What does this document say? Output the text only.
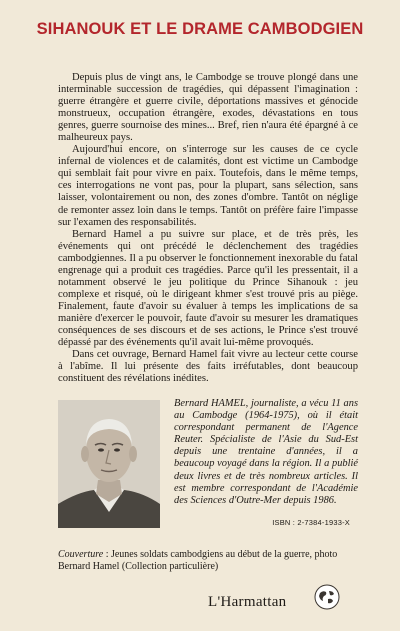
SIHANOUK ET LE DRAME CAMBODGIEN

Depuis plus de vingt ans, le Cambodge se trouve plongé dans une interminable succession de tragédies, qui dépassent l'imagination : guerre étrangère et guerre civile, déportations massives et génocide monstrueux, occupation étrangère, exodes, dévastations en tous genres, guerre sournoise des mines... Bref, rien n'aura été épargné à ce malheureux pays.

Aujourd'hui encore, on s'interroge sur les causes de ce cycle infernal de violences et de calamités, dont est victime un Cambodge qui semblait fait pour vivre en paix. Toutefois, dans le même temps, ces interrogations ne vont pas, pour la plupart, sans sélection, sans laisser, volontairement ou non, des zones d'ombre. Tantôt on néglige de remonter assez loin dans le temps. Tantôt on préfère faire l'impasse sur l'examen des responsabilités.

Bernard Hamel a pu suivre sur place, et de très près, les événements qui ont précédé le déclenchement des tragédies cambodgiennes. Il a pu observer le fonctionnement inexorable du fatal engrenage qui a produit ces tragédies. Parce qu'il les pressentait, il a notamment observé le jeu politique du Prince Sihanouk : jeu complexe et risqué, où le dirigeant khmer s'est trouvé pris au piège. Finalement, faute d'avoir su évaluer à temps les implications de sa manière d'exercer le pouvoir, faute d'avoir su mesurer les dramatiques conséquences de ses discours et de ses actions, le Prince s'est trouvé dépassé par des événements qu'il avait lui-même provoqués.

Dans cet ouvrage, Bernard Hamel fait vivre au lecteur cette course à l'abîme. Il lui présente des faits irréfutables, dont beaucoup constituent des révélations inédites.

Bernard HAMEL, journaliste, a vécu 11 ans au Cambodge (1964-1975), où il était correspondant permanent de l'Agence Reuter. Spécialiste de l'Asie du Sud-Est depuis une trentaine d'années, il a beaucoup voyagé dans la région. Il a publié deux livres et de très nombreux articles. Il est membre correspondant de l'Académie des Sciences d'Outre-Mer depuis 1986.
ISBN : 2-7384-1933-X
Couverture : Jeunes soldats cambodgiens au début de la guerre, photo Bernard Hamel (Collection particulière)
L'Harmattan
